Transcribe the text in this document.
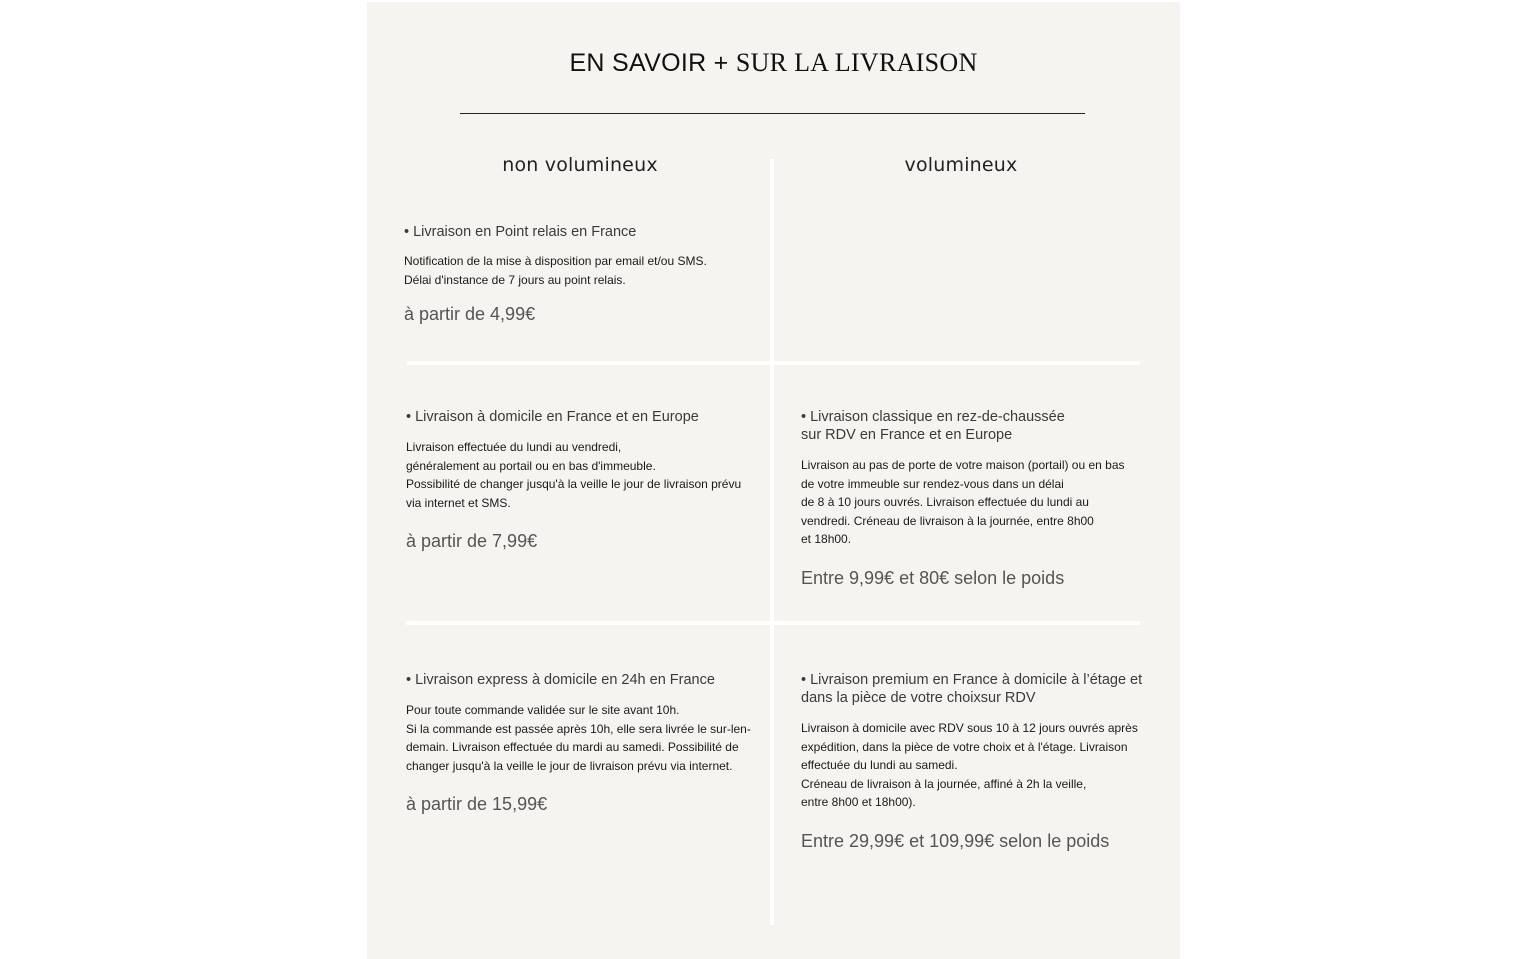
EN SAVOIR + SUR LA LIVRAISON
non volumineux	volumineux
• Livraison en Point relais en France
Notification de la mise à disposition par email et/ou SMS.
Délai d'instance de 7 jours au point relais.
à partir de 4,99€
• Livraison à domicile en France et en Europe
Livraison effectuée du lundi au vendredi,
généralement au portail ou en bas d'immeuble.
Possibilité de changer jusqu'à la veille le jour de livraison prévu
via internet et SMS.
à partir de 7,99€
• Livraison classique en rez-de-chaussée
sur RDV en France et en Europe
Livraison au pas de porte de votre maison (portail) ou en bas
de votre immeuble sur rendez-vous dans un délai
de 8 à 10 jours ouvrés. Livraison effectuée du lundi au
vendredi. Créneau de livraison à la journée, entre 8h00
et 18h00.
Entre 9,99€ et 80€ selon le poids
• Livraison express à domicile en 24h en France
Pour toute commande validée sur le site avant 10h.
Si la commande est passée après 10h, elle sera livrée le sur-len-
demain. Livraison effectuée du mardi au samedi. Possibilité de
changer jusqu'à la veille le jour de livraison prévu via internet.
à partir de 15,99€
• Livraison premium en France à domicile à l’étage et
dans la pièce de votre choixsur RDV
Livraison à domicile avec RDV sous 10 à 12 jours ouvrés après
expédition, dans la pièce de votre choix et à l'étage. Livraison
effectuée du lundi au samedi.
Créneau de livraison à la journée, affiné à 2h la veille,
entre 8h00 et 18h00).
Entre 29,99€ et 109,99€ selon le poids
